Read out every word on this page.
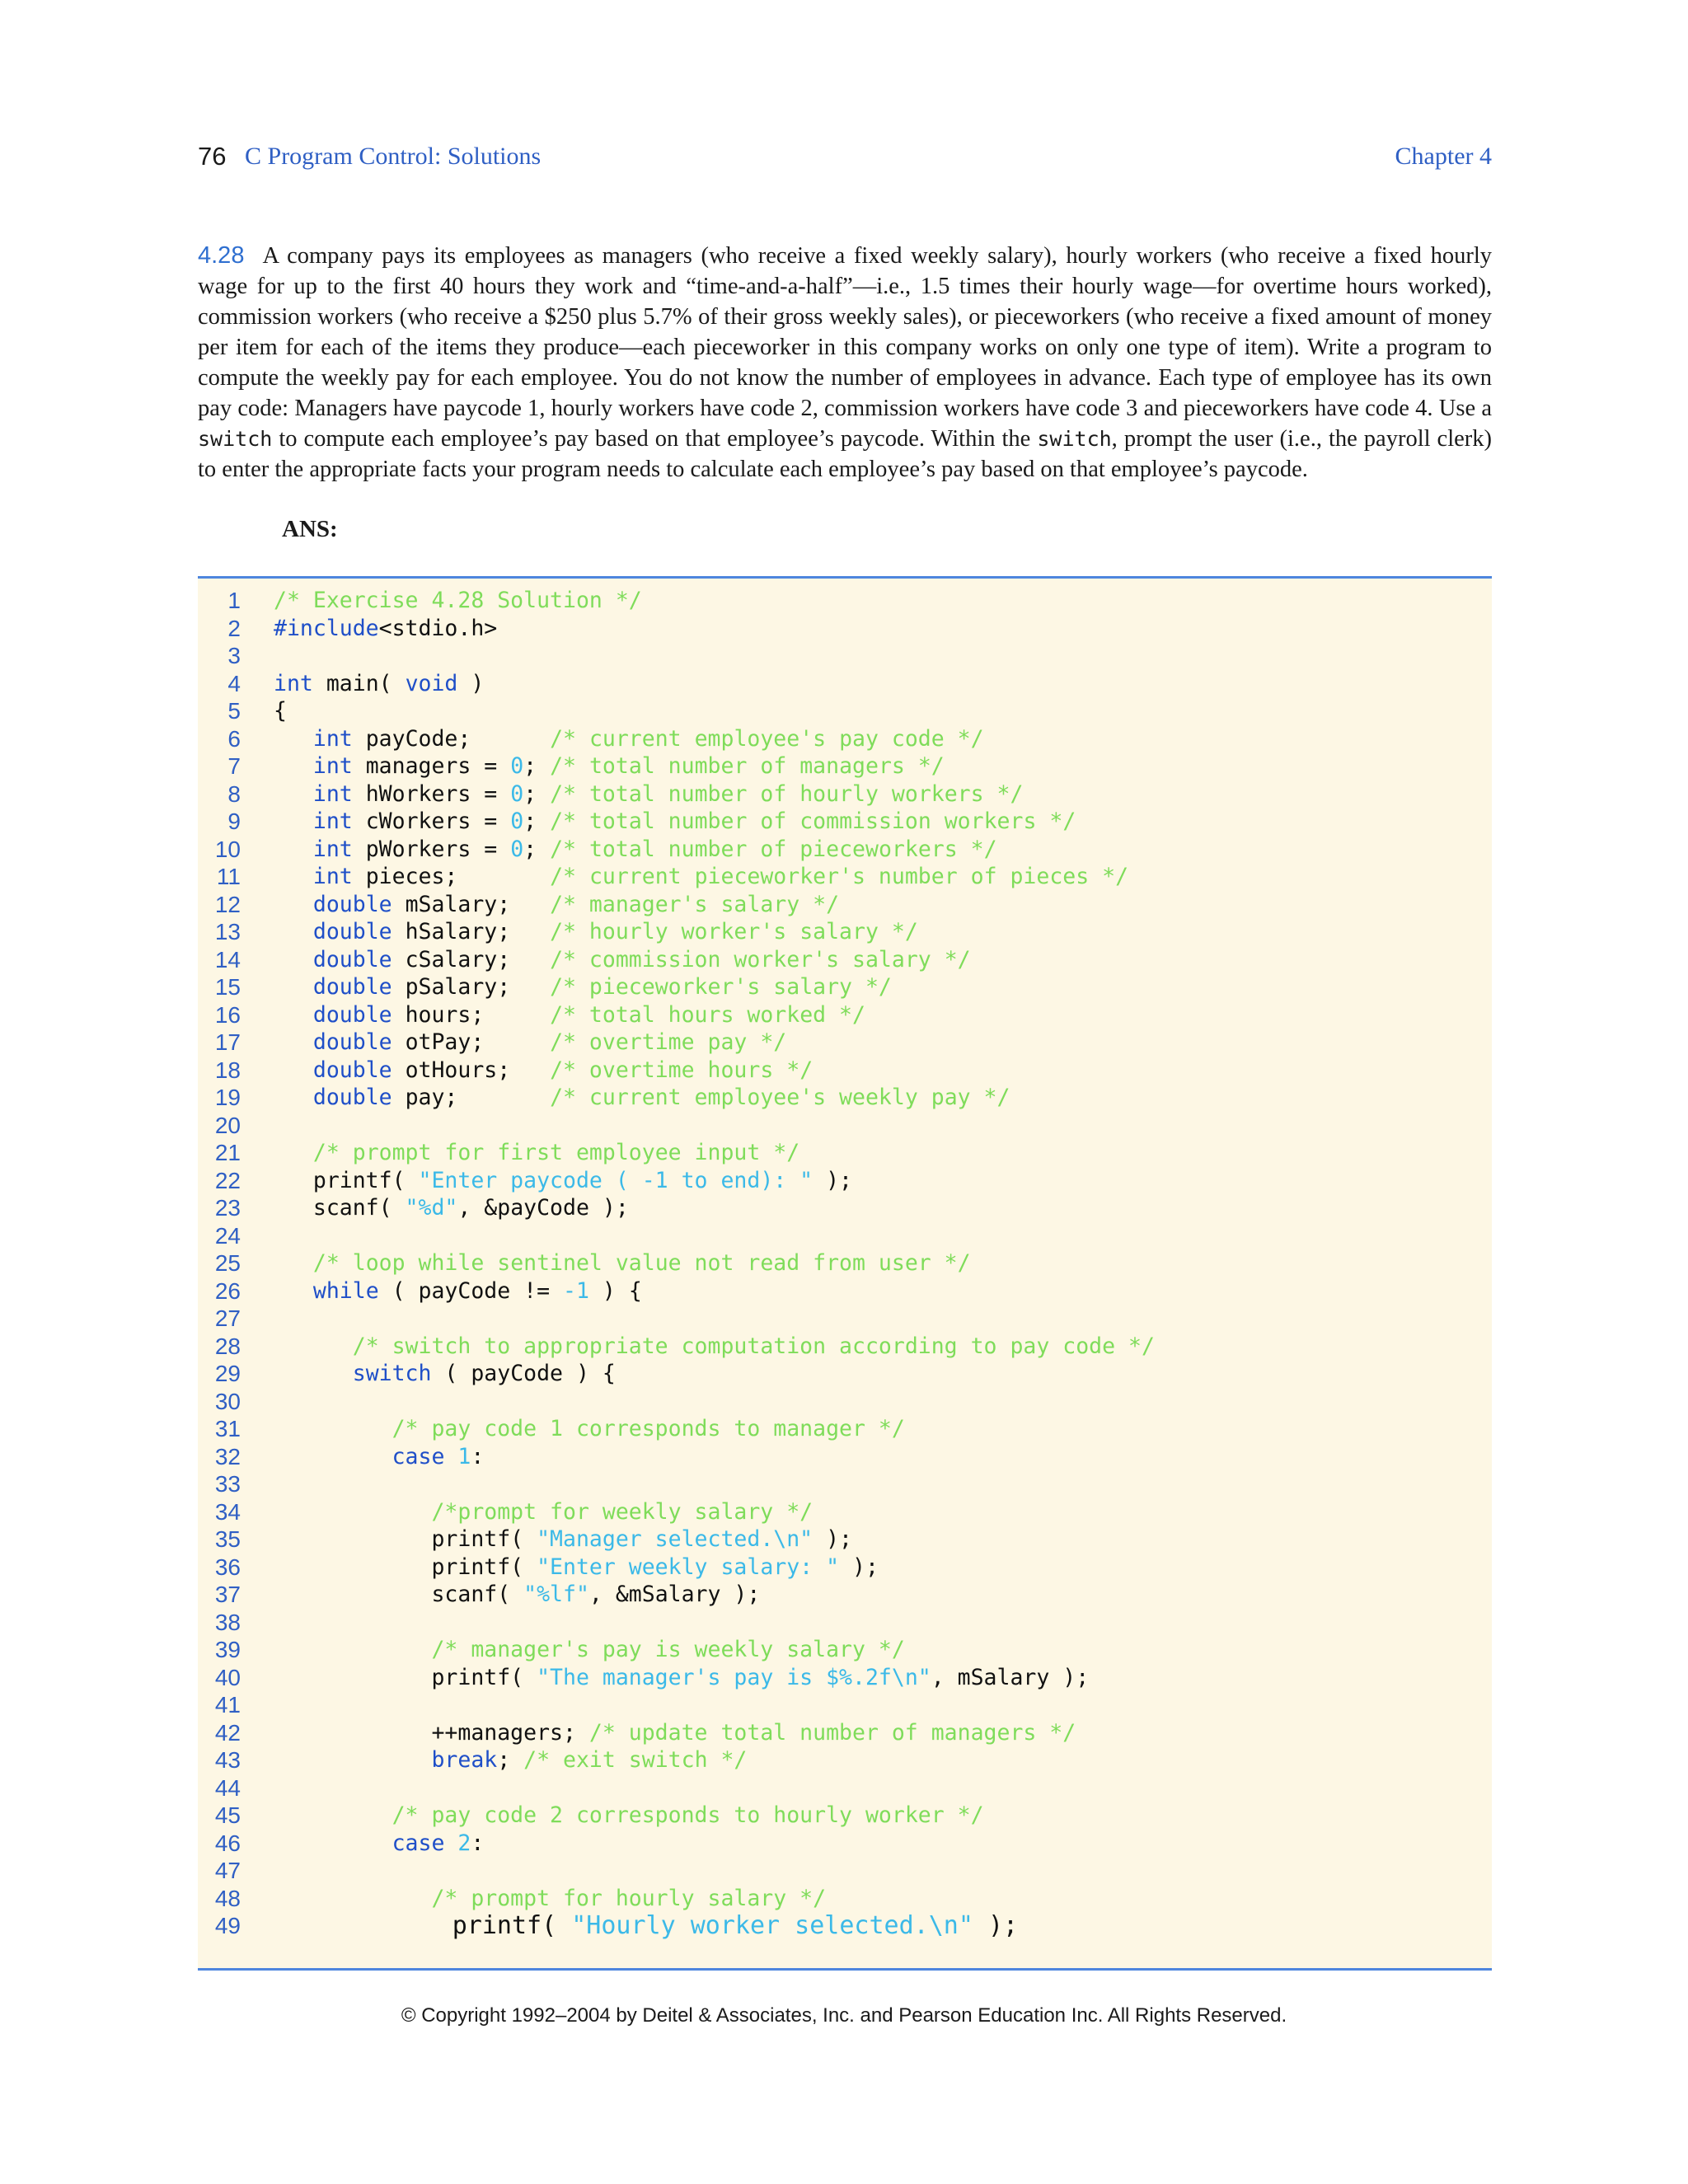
76 C Program Control: Solutions	Chapter 4
4.28 A company pays its employees as managers (who receive a fixed weekly salary), hourly workers (who receive a fixed hourly wage for up to the first 40 hours they work and “time-and-a-half”—i.e., 1.5 times their hourly wage—for overtime hours worked), commission workers (who receive a $250 plus 5.7% of their gross weekly sales), or pieceworkers (who receive a fixed amount of money per item for each of the items they produce—each pieceworker in this company works on only one type of item). Write a program to compute the weekly pay for each employee. You do not know the number of employees in advance. Each type of employee has its own pay code: Managers have paycode 1, hourly workers have code 2, commission workers have code 3 and pieceworkers have code 4. Use a switch to compute each employee’s pay based on that employee’s paycode. Within the switch, prompt the user (i.e., the payroll clerk) to enter the appropriate facts your program needs to calculate each employee’s pay based on that employee’s paycode.
ANS:
1 /* Exercise 4.28 Solution */
2 #include<stdio.h>
3
4 int main( void )
5 {
6	int payCode;      /* current employee's pay code */
7	int managers = 0; /* total number of managers */
8	int hWorkers = 0; /* total number of hourly workers */
9	int cWorkers = 0; /* total number of commission workers */
10	int pWorkers = 0; /* total number of pieceworkers */
11	int pieces;       /* current pieceworker's number of pieces */
12	double mSalary;   /* manager's salary */
13	double hSalary;   /* hourly worker's salary */
14	double cSalary;   /* commission worker's salary */
15	double pSalary;   /* pieceworker's salary */
16	double hours;     /* total hours worked */
17	double otPay;     /* overtime pay */
18	double otHours;   /* overtime hours */
19	double pay;       /* current employee's weekly pay */
20
21	/* prompt for first employee input */
22 printf( "Enter paycode ( -1 to end): " );
23 scanf( "%d", &payCode );
24
25	/* loop while sentinel value not read from user */
26	while ( payCode != -1 ) {
27
28	/* switch to appropriate computation according to pay code */
29	switch ( payCode ) {
30
31	/* pay code 1 corresponds to manager */
32	case 1:
33
34	/*prompt for weekly salary */
35 printf( "Manager selected.\n" );
36 printf( "Enter weekly salary: " );
37 scanf( "%lf", &mSalary );
38
39	/* manager's pay is weekly salary */
40 printf( "The manager's pay is $%.2f\n", mSalary );
41
42 ++managers; /* update total number of managers */
43	break; /* exit switch */
44
45	/* pay code 2 corresponds to hourly worker */
46	case 2:
47
48	/* prompt for hourly salary */
49 printf( "Hourly worker selected.\n" );
© Copyright 1992–2004 by Deitel & Associates, Inc. and Pearson Education Inc. All Rights Reserved.
